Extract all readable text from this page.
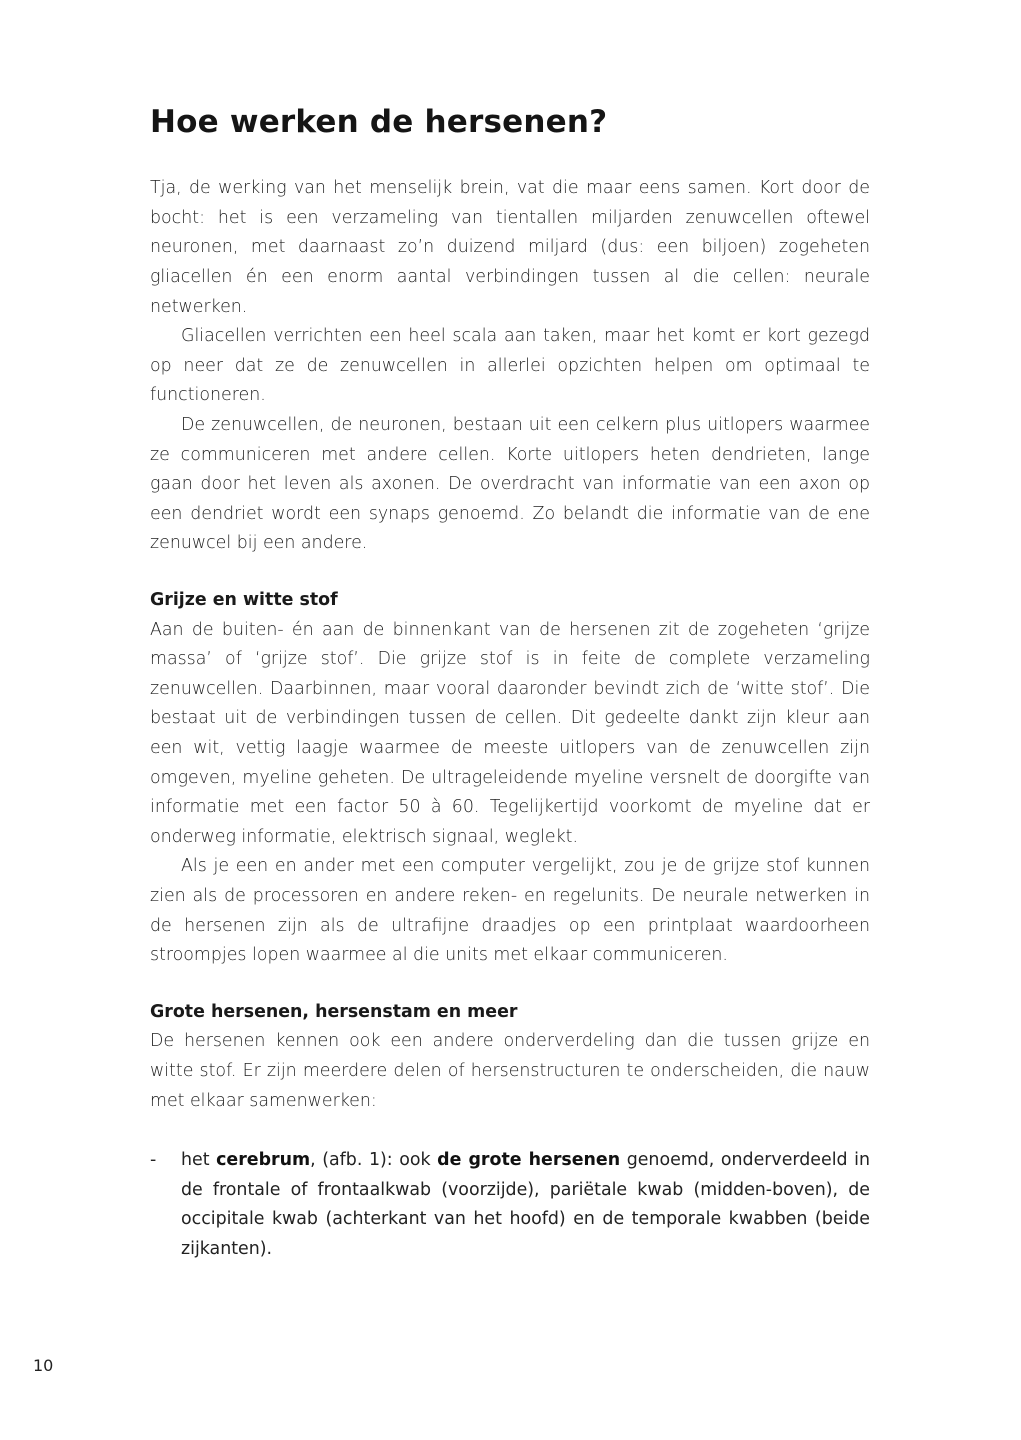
Hoe werken de hersenen?

Tja, de werking van het menselijk brein, vat die maar eens samen. Kort door de bocht: het is een verzameling van tientallen miljarden zenuwcellen oftewel neuronen, met daarnaast zo’n duizend miljard (dus: een biljoen) zogeheten gliacellen én een enorm aantal verbindingen tussen al die cellen: neurale netwerken.

Gliacellen verrichten een heel scala aan taken, maar het komt er kort gezegd op neer dat ze de zenuwcellen in allerlei opzichten helpen om optimaal te functioneren.

De zenuwcellen, de neuronen, bestaan uit een celkern plus uitlopers waarmee ze communiceren met andere cellen. Korte uitlopers heten dendrieten, lange gaan door het leven als axonen. De overdracht van informatie van een axon op een dendriet wordt een synaps genoemd. Zo belandt die informatie van de ene zenuwcel bij een andere.

Grijze en witte stof

Aan de buiten- én aan de binnenkant van de hersenen zit de zogeheten ‘grijze massa’ of ‘grijze stof’. Die grijze stof is in feite de complete verzameling zenuwcellen. Daarbinnen, maar vooral daaronder bevindt zich de ‘witte stof’. Die bestaat uit de verbindingen tussen de cellen. Dit gedeelte dankt zijn kleur aan een wit, vettig laagje waarmee de meeste uitlopers van de zenuwcellen zijn omgeven, myeline geheten. De ultrageleidende myeline versnelt de doorgifte van informatie met een factor 50 à 60. Tegelijkertijd voorkomt de myeline dat er onderweg informatie, elektrisch signaal, weglekt.

Als je een en ander met een computer vergelijkt, zou je de grijze stof kunnen zien als de processoren en andere reken- en regelunits. De neurale netwerken in de hersenen zijn als de ultrafijne draadjes op een printplaat waardoorheen stroompjes lopen waarmee al die units met elkaar communiceren.

Grote hersenen, hersenstam en meer

De hersenen kennen ook een andere onderverdeling dan die tussen grijze en witte stof. Er zijn meerdere delen of hersenstructuren te onderscheiden, die nauw met elkaar samenwerken:

-	het cerebrum, (afb. 1): ook de grote hersenen genoemd, onderverdeeld in de frontale of frontaalkwab (voorzijde), pariëtale kwab (midden-boven), de occipitale kwab (achterkant van het hoofd) en de temporale kwabben (beide zijkanten).
10
